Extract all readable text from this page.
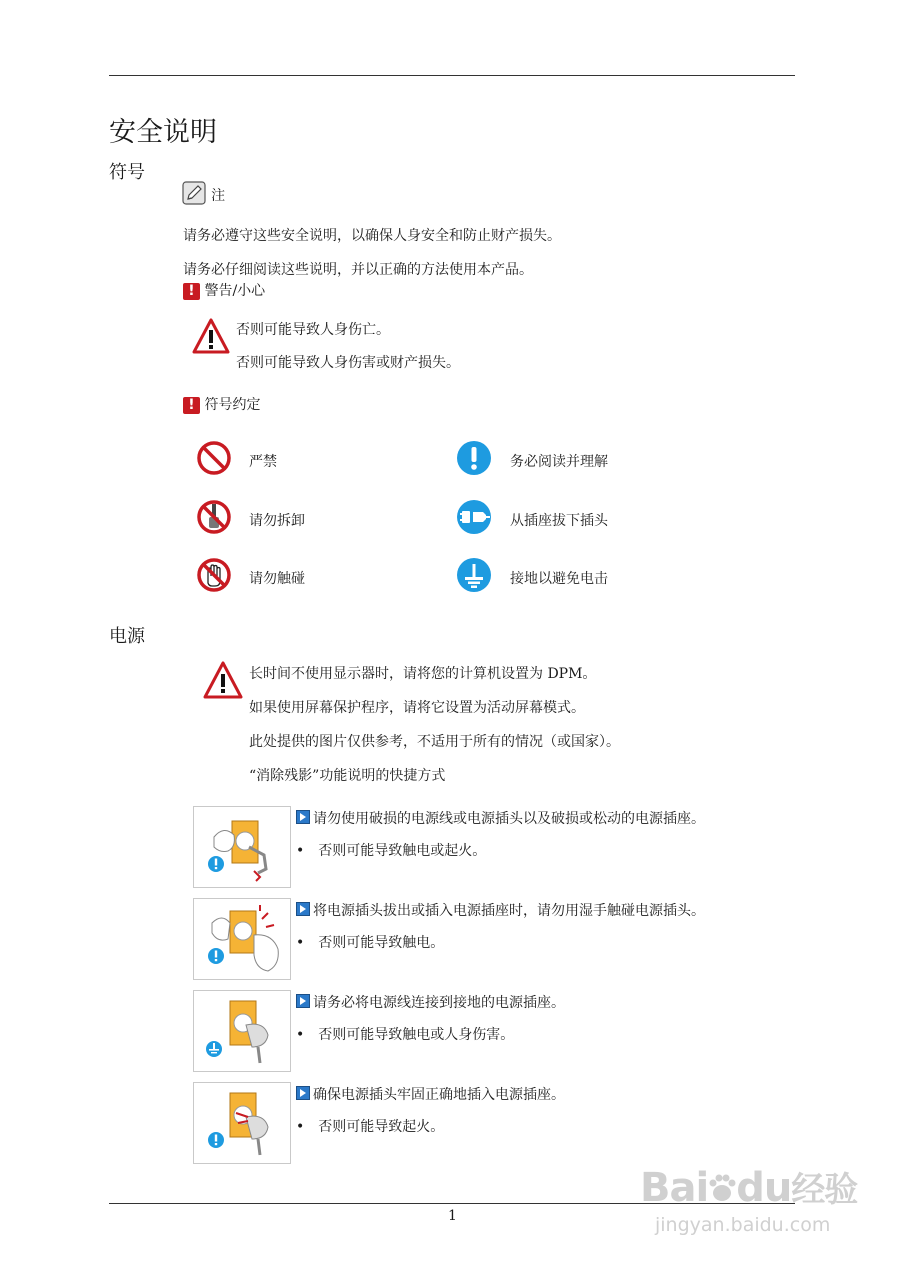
安全说明
符号
注
请务必遵守这些安全说明，以确保人身安全和防止财产损失。
请务必仔细阅读这些说明，并以正确的方法使用本产品。
! 警告/小心
否则可能导致人身伤亡。
否则可能导致人身伤害或财产损失。
! 符号约定
严禁	务必阅读并理解
请勿拆卸	从插座拔下插头
请勿触碰	接地以避免电击
电源
长时间不使用显示器时，请将您的计算机设置为 DPM。
如果使用屏幕保护程序，请将它设置为活动屏幕模式。
此处提供的图片仅供参考，不适用于所有的情况（或国家）。
“消除残影”功能说明的快捷方式
请勿使用破损的电源线或电源插头以及破损或松动的电源插座。
• 否则可能导致触电或起火。
将电源插头拔出或插入电源插座时，请勿用湿手触碰电源插头。
• 否则可能导致触电。
请务必将电源线连接到接地的电源插座。
• 否则可能导致触电或人身伤害。
确保电源插头牢固正确地插入电源插座。
• 否则可能导致起火。
1
Bai du经验
jingyan.baidu.com
